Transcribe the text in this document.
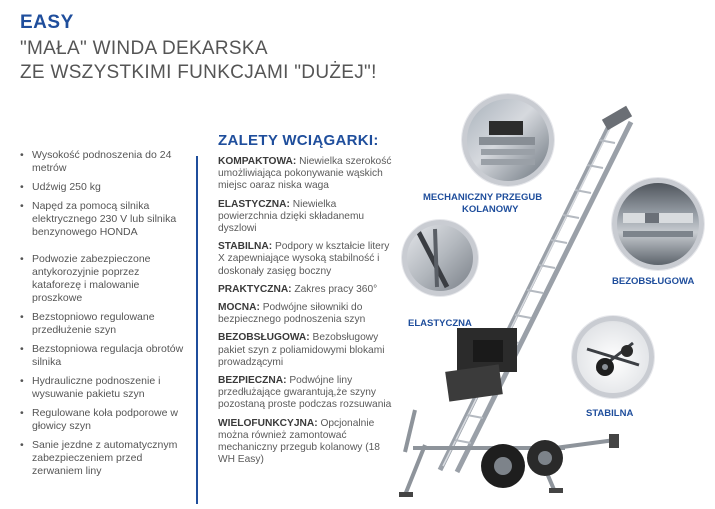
EASY
"MAŁA" WINDA DEKARSKA
ZE WSZYSTKIMI FUNKCJAMI "DUŻEJ"!
• Wysokość podnoszenia do 24 metrów
• Udźwig 250 kg
• Napęd za pomocą silnika elektrycznego 230 V lub silnika benzynowego HONDA
• Podwozie zabezpieczone antykorozyjnie poprzez kataforezę i malowanie proszkowe
• Bezstopniowo regulowane przedłużenie szyn
• Bezstopniowa regulacja obrotów silnika
• Hydrauliczne podnoszenie i wysuwanie pakietu szyn
• Regulowane koła podporowe w głowicy szyn
• Sanie jezdne z automatycznym zabezpieczeniem przed zerwaniem liny
ZALETY WCIĄGARKI:

KOMPAKTOWA: Niewielka szerokość umożliwiająca pokonywanie wąskich miejsc oaraz niska waga

ELASTYCZNA: Niewielka powierzchnia dzięki składanemu dyszlowi

STABILNA: Podpory w kształcie litery X zapewniające wysoką stabilność i doskonały zasięg boczny

PRAKTYCZNA: Zakres pracy 360°

MOCNA: Podwójne siłowniki do bezpiecznego podnoszenia szyn

BEZOBSŁUGOWA: Bezobsługowy pakiet szyn z poliamidowymi blokami prowadzącymi

BEZPIECZNA: Podwójne liny przedłużające gwarantują,że szyny pozostaną proste podczas rozsuwania

WIELOFUNKCYJNA: Opcjonalnie można również zamontować mechaniczny przegub kolanowy (18 WH Easy)

MECHANICZNY PRZEGUB
KOLANOWY
BEZOBSŁUGOWA
ELASTYCZNA
STABILNA
